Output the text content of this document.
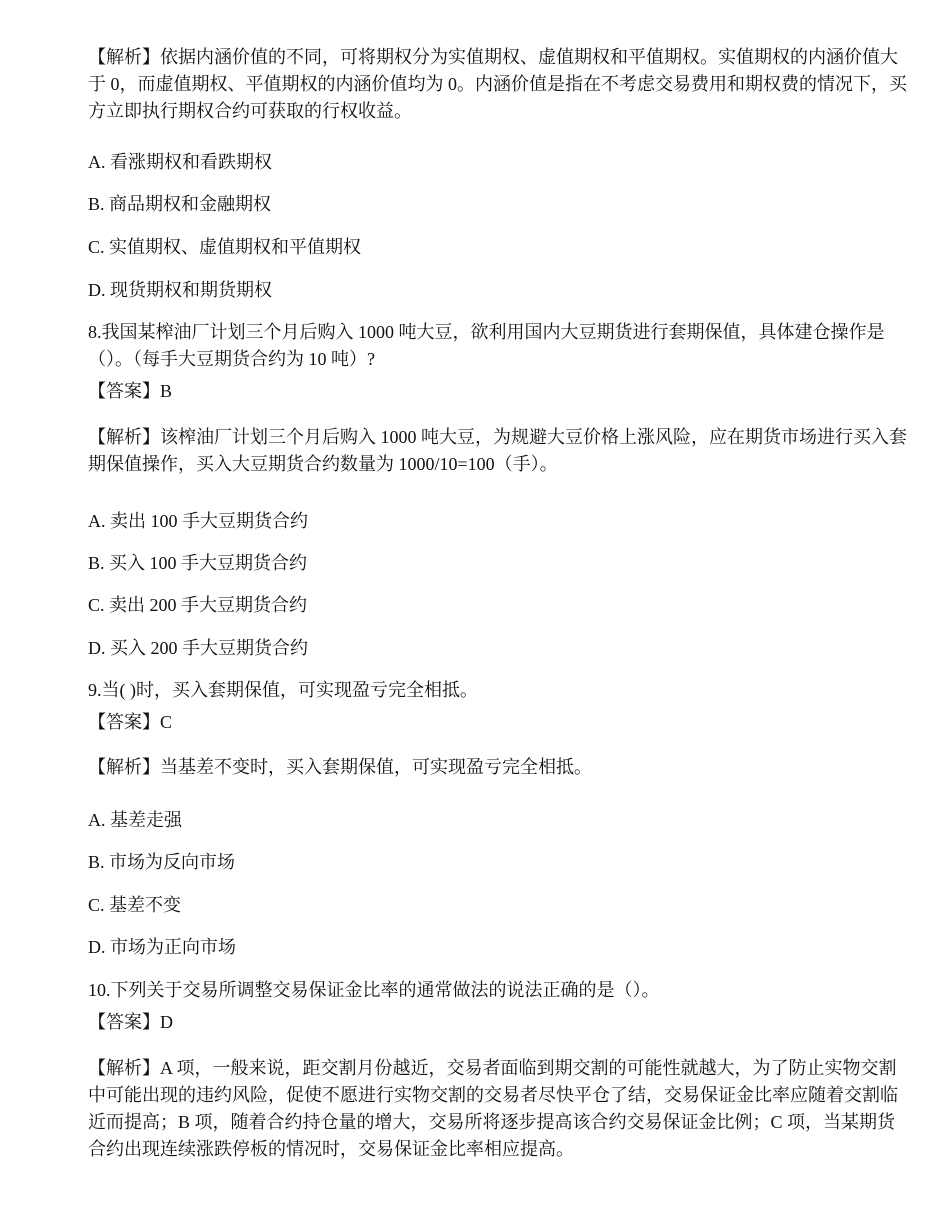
【解析】依据内涵价值的不同，可将期权分为实值期权、虚值期权和平值期权。实值期权的内涵价值大于 0，而虚值期权、平值期权的内涵价值均为 0。内涵价值是指在不考虑交易费用和期权费的情况下，买方立即执行期权合约可获取的行权收益。

A. 看涨期权和看跌期权

B. 商品期权和金融期权

C. 实值期权、虚值期权和平值期权

D. 现货期权和期货期权

8.我国某榨油厂计划三个月后购入 1000 吨大豆，欲利用国内大豆期货进行套期保值，具体建仓操作是（）。（每手大豆期货合约为 10 吨）?

【答案】B

【解析】该榨油厂计划三个月后购入 1000 吨大豆，为规避大豆价格上涨风险，应在期货市场进行买入套期保值操作，买入大豆期货合约数量为 1000/10=100（手）。

A. 卖出 100 手大豆期货合约

B. 买入 100 手大豆期货合约

C. 卖出 200 手大豆期货合约

D. 买入 200 手大豆期货合约

9.当( )时，买入套期保值，可实现盈亏完全相抵。

【答案】C

【解析】当基差不变时，买入套期保值，可实现盈亏完全相抵。

A. 基差走强

B. 市场为反向市场

C. 基差不变

D. 市场为正向市场

10.下列关于交易所调整交易保证金比率的通常做法的说法正确的是（）。

【答案】D

【解析】A 项，一般来说，距交割月份越近，交易者面临到期交割的可能性就越大，为了防止实物交割中可能出现的违约风险，促使不愿进行实物交割的交易者尽快平仓了结，交易保证金比率应随着交割临近而提高；B 项，随着合约持仓量的增大，交易所将逐步提高该合约交易保证金比例；C 项，当某期货合约出现连续涨跌停板的情况时，交易保证金比率相应提高。
